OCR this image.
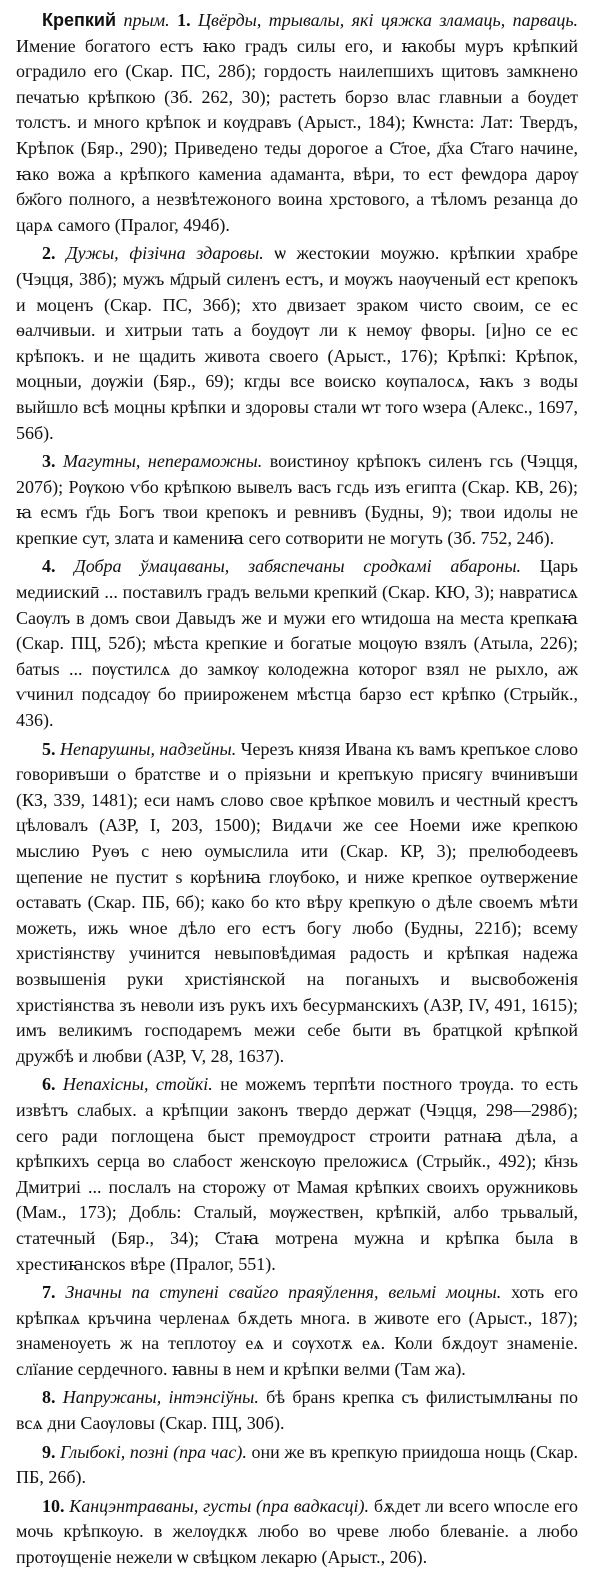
Крепкий прым. 1. Цвёрды, трывалы, які цяжка зламаць, парваць. Имение богатого естъ ꙗко градъ силы его, и ꙗкобы муръ крѣпкий оградило его (Скар. ПС, 28б); гордость наилепшихъ щитовъ замкнено печатью крѣпкою (Зб. 262, 30); растеть борзо влас главныи а боудет толстъ. и много крѣпок и кѹдравъ (Арыст., 184); Кѡнста: Лат: Твердъ, Крѣпок (Бяр., 290); Приведено теды дорогое а С҃тое, д҃ха С҃таго начине, ꙗко вожа а крѣпкого камениа адаманта, вѣри, то ест феѡдора дарѹ бж҃ого полного, а незвѣтежоного воина хрстового, а тѣломъ резанца до царѧ самого (Пралог, 494б).

2. Дужы, фізічна здаровы. ѡ жестокии моужю. крѣпкии храбре (Чэцця, 38б); мужъ м҃дрый силенъ естъ, и мѹжъ наѹченый ест крепокъ и моценъ (Скар. ПС, 36б); хто двизает зраком чисто своим, се ес ѳалчивыи. и хитрыи тать а боудѹт ли к немѹ фворы. [и]но се ес крѣпокъ. и не щадить живота своего (Арыст., 176); Крѣпкі: Крѣпок, моцныи, дѹжіи (Бяр., 69); кгды все воиско кѹпалосѧ, ꙗкъ з воды выйшло всѣ моцны крѣпки и здоровы стали ѡт того ѡзера (Алекс., 1697, 56б).

3. Магутны, непераможны. воистиноу крѣпокъ силенъ гсь (Чэцця, 207б); Рѹкою ѵбо крѣпкою вывелъ васъ гсдь изъ египта (Скар. КВ, 26); ꙗ есмъ г҃дь Богъ твои крепокъ и ревнивъ (Будны, 9); твои идолы не крепкие сут, злата и камениꙗ сего сотворити не могуть (Зб. 752, 24б).

4. Добра ўмацаваны, забяспечаны сродкамі абароны. Царь медиискиӣ ... поставилъ градъ вельми крепкий (Скар. КЮ, 3); навратисѧ Саѹлъ в домъ свои Давыдъ же и мужи его ѡтидоша на места крепкаꙗ (Скар. ПЦ, 52б); мѣста крепкие и богатые моцѹю взялъ (Атыла, 226); батыѕ ... пѹстилсѧ до замкѹ колодежна которог взял не рыхло, аж ѵчинил подсадѹ бо приироженем мѣстца барзо ест крѣпко (Стрыйк., 436).

5. Непарушны, надзейны. Черезъ князя Ивана къ вамъ крепъкое слово говоривъши о братстве и о пріязьни и крепъкую присягу вчинивъши (КЗ, 339, 1481); еси намъ слово свое крѣпкое мовилъ и честный крестъ цѣловалъ (АЗР, I, 203, 1500); Видѧчи же сее Ноеми иже крепкою мыслию Руѳъ с нею оумыслила ити (Скар. КР, 3); прелюбодеевъ щепение не пустит ѕ корѣниꙗ глѹбоко, и ниже крепкое оутвержение оставать (Скар. ПБ, 6б); како бо кто вѣру крепкую о дѣле своемъ мѣти можеть, ижь ѡное дѣло его естъ богу любо (Будны, 221б); всему христіянству учинится невыповѣдимая радость и крѣпкая надежа возвышенія руки христіянской на поганыхъ и высвобоженія христіянства зъ неволи изъ рукъ ихъ бесурманскихъ (АЗР, IV, 491, 1615); имъ великимъ господаремъ межи себе быти въ братцкой крѣпкой дружбѣ и любви (АЗР, V, 28, 1637).

6. Непахісны, стойкі. не можемъ терпѣти постного трѹда. то есть извѣтъ слабых. а крѣпции законъ твердо держат (Чэцця, 298—298б); сего ради поглощена быст премѹдрост строити ратнаꙗ дѣла, а крѣпкихъ серца во слабост женскѹю преложисѧ (Стрыйк., 492); к҃нзь Дмитриі ... послалъ на сторожу от Мамая крѣпких своихъ оружниковь (Мам., 173); Добль: Сталый, мѹжествен, крѣпкій, албо трьвалый, статечный (Бяр., 34); С҃таꙗ мотрена мужна и крѣпка была в хрестиꙗнскоѕ вѣре (Пралог, 551).

7. Значны па ступені свайго праяўлення, вельмі моцны. хоть его крѣпкаѧ кръчина черленаѧ бѫдеть многа. в животе его (Арыст., 187); знаменоуеть ж на теплотоу еѧ и сѹхотѫ еѧ. Коли бѫдоут знаменіе. слїание сердечного. ꙗвны в нем и крѣпки велми (Там жа).

8. Напружаны, інтэнсіўны. бѣ бранѕ крепка съ филистымлꙗны по всѧ дни Саѹловы (Скар. ПЦ, 30б).

9. Глыбокі, позні (пра час). они же въ крепкую приидоша нощь (Скар. ПБ, 26б).

10. Канцэнтраваны, густы (пра вадкасці). бѫдет ли всего ѡпосле его мочь крѣпкоую. в желѹдкѫ любо во чреве любо блеваніе. а любо протѹщеніе нежели ѡ свѣцком лекарю (Арыст., 206).
